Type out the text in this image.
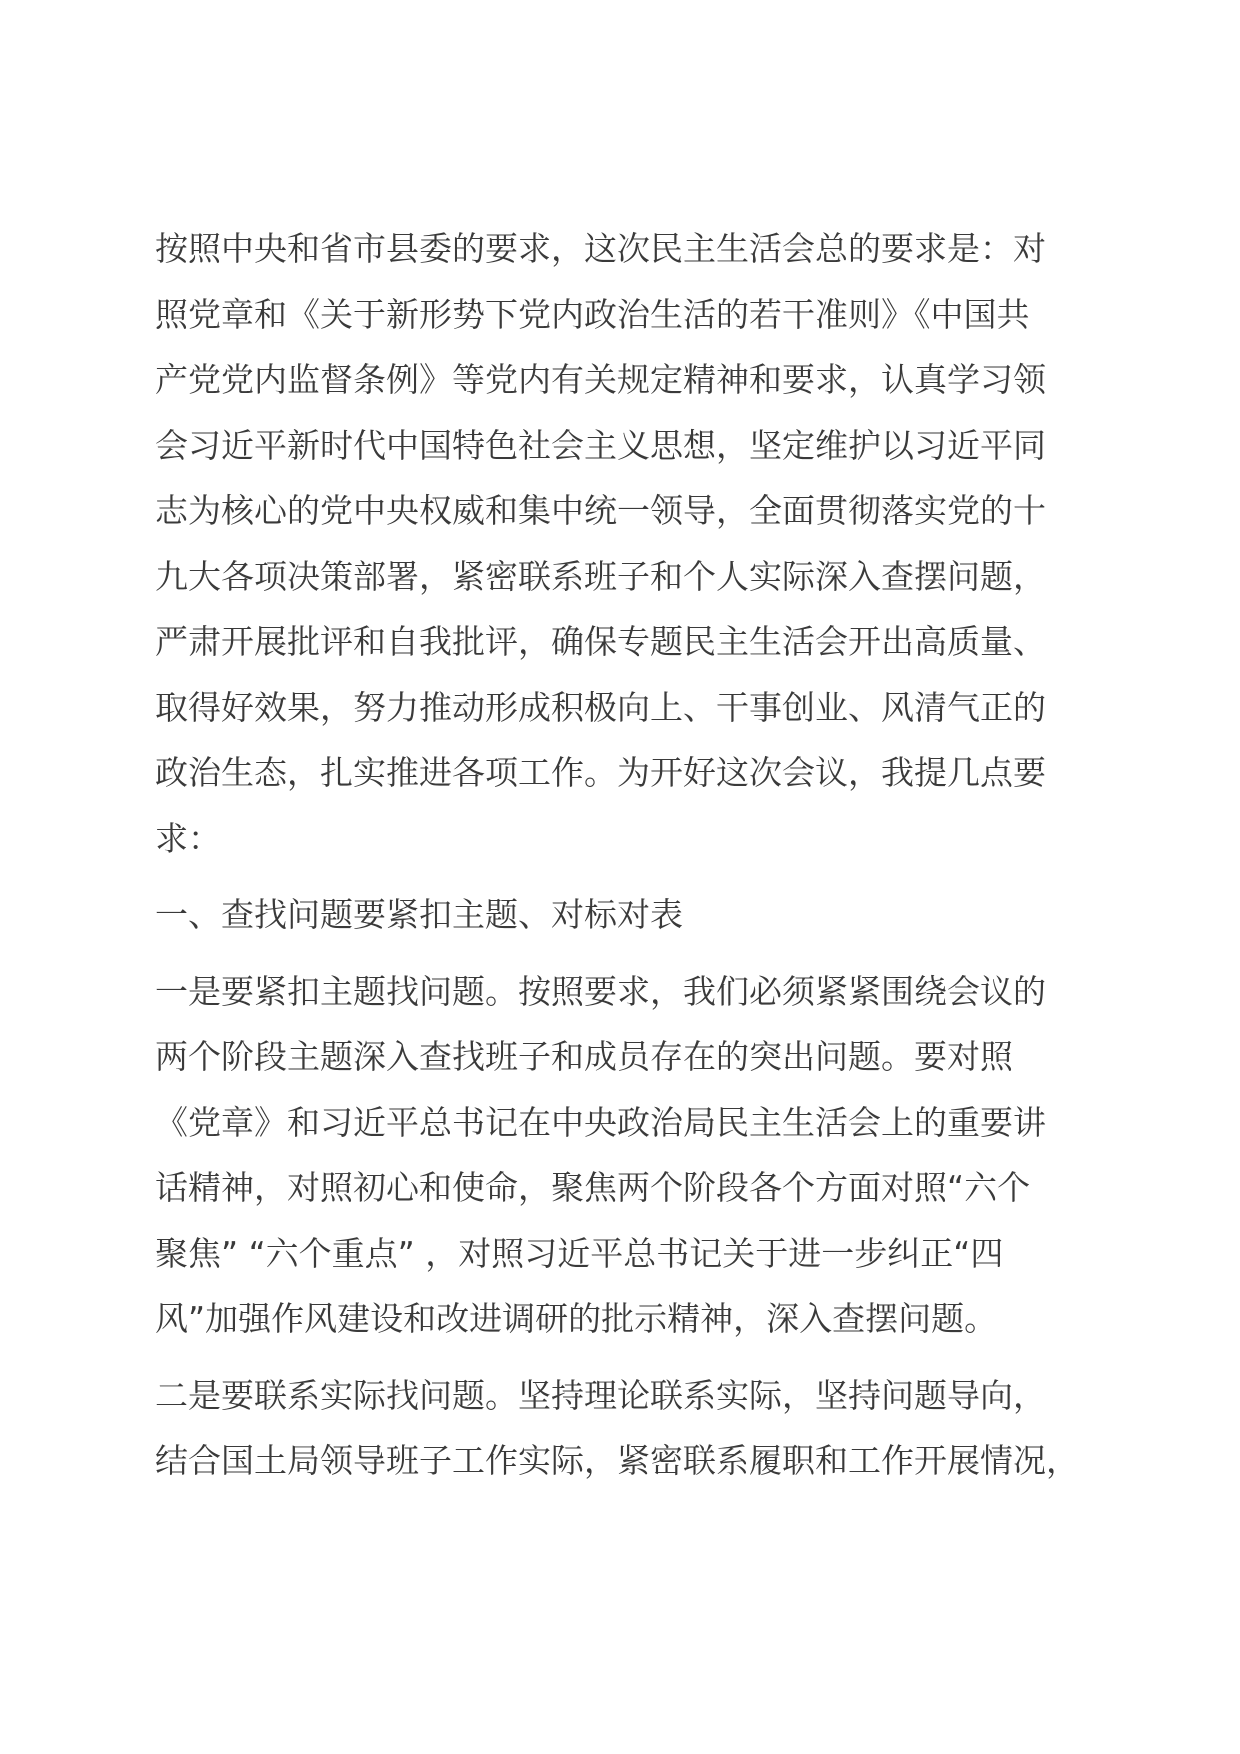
按照中央和省市县委的要求，这次民主生活会总的要求是：对
照党章和《关于新形势下党内政治生活的若干准则》《中国共
产党党内监督条例》等党内有关规定精神和要求，认真学习领
会习近平新时代中国特色社会主义思想，坚定维护以习近平同
志为核心的党中央权威和集中统一领导，全面贯彻落实党的十
九大各项决策部署，紧密联系班子和个人实际深入查摆问题，
严肃开展批评和自我批评，确保专题民主生活会开出高质量、
取得好效果，努力推动形成积极向上、干事创业、风清气正的
政治生态，扎实推进各项工作。为开好这次会议，我提几点要
求：
一、查找问题要紧扣主题、对标对表
一是要紧扣主题找问题。按照要求，我们必须紧紧围绕会议的
两个阶段主题深入查找班子和成员存在的突出问题。要对照
《党章》和习近平总书记在中央政治局民主生活会上的重要讲
话精神，对照初心和使命，聚焦两个阶段各个方面对照“六个
聚焦” “六个重点” ，对照习近平总书记关于进一步纠正“四
风”加强作风建设和改进调研的批示精神，深入查摆问题。
二是要联系实际找问题。坚持理论联系实际，坚持问题导向，
结合国土局领导班子工作实际，紧密联系履职和工作开展情况，
